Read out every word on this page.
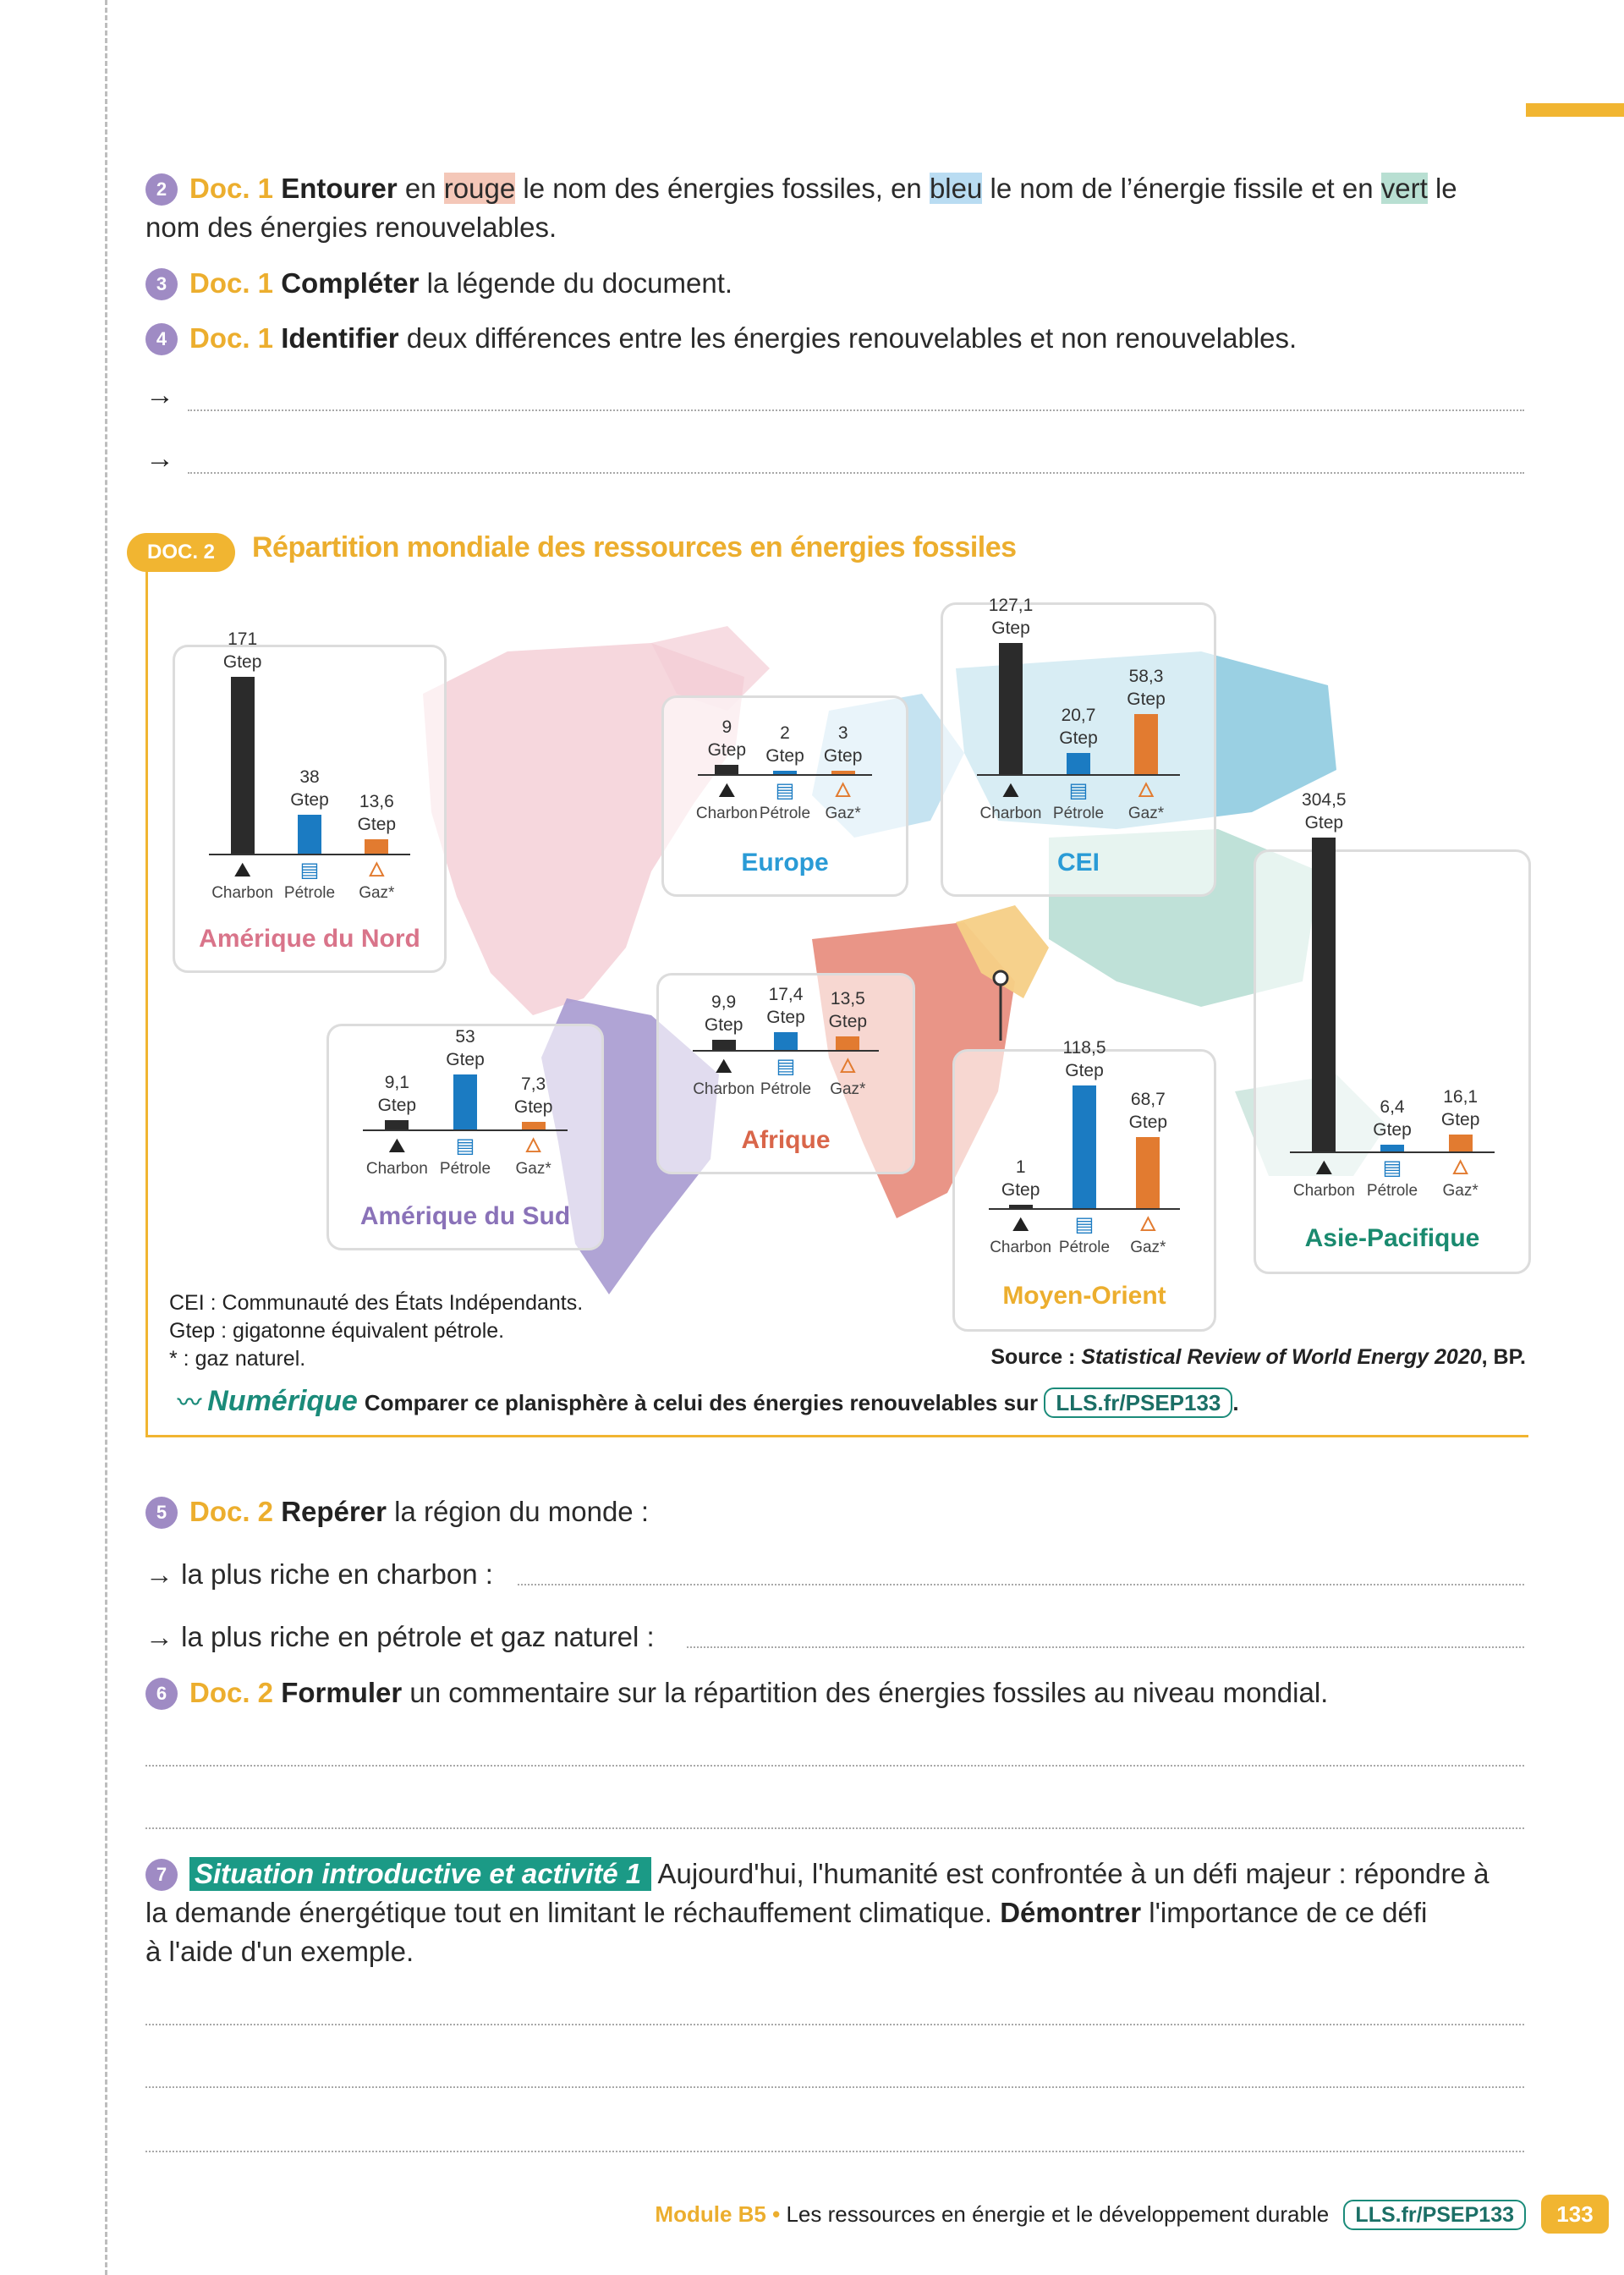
2 Doc. 1 Entourer en rouge le nom des énergies fossiles, en bleu le nom de l’énergie fissile et en vert le
nom des énergies renouvelables.
3 Doc. 1 Compléter la légende du document.
4 Doc. 1 Identifier deux différences entre les énergies renouvelables et non renouvelables.
→
→
DOC. 2	Répartition mondiale des ressources en énergies fossiles
171
Gtep
⛰
Charbon
38
Gtep
▤
Pétrole
13,6
Gtep
🜂
Gaz*
Amérique du Nord
9
Gtep
⛰
Charbon
2
Gtep
▤
Pétrole
3
Gtep
🜂
Gaz*
Europe
127,1
Gtep
⛰
Charbon
20,7
Gtep
▤
Pétrole
58,3
Gtep
🜂
Gaz*
CEI
9,9
Gtep
⛰
Charbon
17,4
Gtep
▤
Pétrole
13,5
Gtep
🜂
Gaz*
Afrique
9,1
Gtep
⛰
Charbon
53
Gtep
▤
Pétrole
7,3
Gtep
🜂
Gaz*
Amérique du Sud
1
Gtep
⛰
Charbon
118,5
Gtep
▤
Pétrole
68,7
Gtep
🜂
Gaz*
Moyen-Orient
304,5
Gtep
⛰
Charbon
6,4
Gtep
▤
Pétrole
16,1
Gtep
🜂
Gaz*
Asie-Pacifique
CEI : Communauté des États Indépendants.
Gtep : gigatonne équivalent pétrole.
* : gaz naturel.	Source : Statistical Review of World Energy 2020, BP.
〰 Numérique Comparer ce planisphère à celui des énergies renouvelables sur LLS.fr/PSEP133 .
5 Doc. 2 Repérer la région du monde :
→ la plus riche en charbon :
→ la plus riche en pétrole et gaz naturel :
6 Doc. 2 Formuler un commentaire sur la répartition des énergies fossiles au niveau mondial.
7 Situation introductive et activité 1 Aujourd'hui, l'humanité est confrontée à un défi majeur : répondre à
la demande énergétique tout en limitant le réchauffement climatique. Démontrer l'importance de ce défi
à l'aide d'un exemple.
Module B5 • Les ressources en énergie et le développement durable LLS.fr/PSEP133	133
